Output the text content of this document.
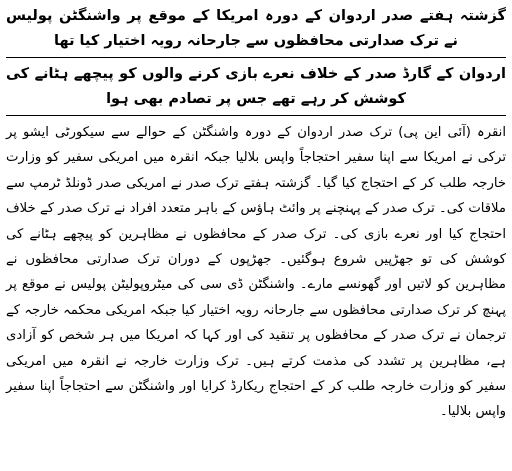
گزشتہ ہفتے صدر اردوان کے دورہ امریکا کے موقع پر واشنگٹن پولیس نے ترک صدارتی محافظوں سے جارحانہ رویہ اختیار کیا تھا

اردوان کے گارڈ صدر کے خلاف نعرے بازی کرنے والوں کو پیچھے ہٹانے کی کوشش کر رہے تھے جس پر تصادم بھی ہوا

انقرہ (آئی این پی) ترک صدر اردوان کے دورہ واشنگٹن کے حوالے سے سیکورٹی ایشو پر ترکی نے امریکا سے اپنا سفیر احتجاجاً واپس بلالیا جبکہ انقرہ میں امریکی سفیر کو وزارت خارجہ طلب کر کے احتجاج کیا گیا۔ گزشتہ ہفتے ترک صدر نے امریکی صدر ڈونلڈ ٹرمپ سے ملاقات کی۔ ترک صدر کے پہنچنے پر وائٹ ہاؤس کے باہر متعدد افراد نے ترک صدر کے خلاف احتجاج کیا اور نعرے بازی کی۔ ترک صدر کے محافظوں نے مظاہرین کو پیچھے ہٹانے کی کوشش کی تو جھڑپیں شروع ہوگئیں۔ جھڑپوں کے دوران ترک صدارتی محافظوں نے مظاہرین کو لاتیں اور گھونسے مارے۔ واشنگٹن ڈی سی کی میٹروپولیٹن پولیس نے موقع پر پہنچ کر ترک صدارتی محافظوں سے جارحانہ رویہ اختیار کیا جبکہ امریکی محکمہ خارجہ کے ترجمان نے ترک صدر کے محافظوں پر تنقید کی اور کہا کہ امریکا میں ہر شخص کو آزادی ہے، مظاہرین پر تشدد کی مذمت کرتے ہیں۔ ترک وزارت خارجہ نے انقرہ میں امریکی سفیر کو وزارت خارجہ طلب کر کے احتجاج ریکارڈ کرایا اور واشنگٹن سے احتجاجاً اپنا سفیر واپس بلالیا۔
